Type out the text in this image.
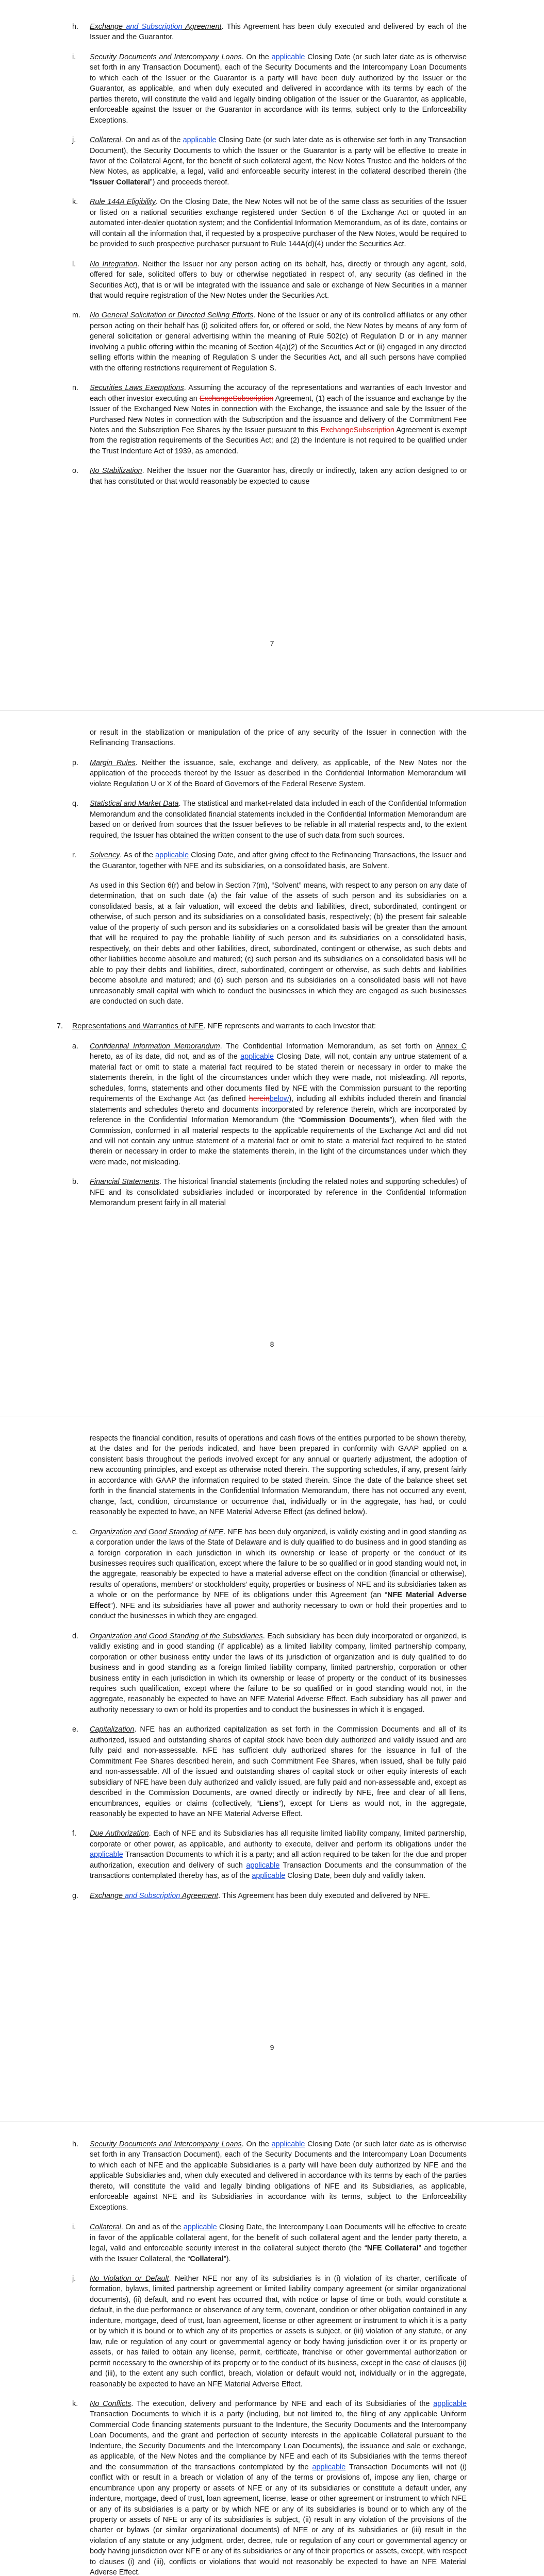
h. Exchange and Subscription Agreement. This Agreement has been duly executed and delivered by each of the Issuer and the Guarantor.
i. Security Documents and Intercompany Loans. On the applicable Closing Date (or such later date as is otherwise set forth in any Transaction Document), each of the Security Documents and the Intercompany Loan Documents to which each of the Issuer or the Guarantor is a party will have been duly authorized by the Issuer or the Guarantor, as applicable, and when duly executed and delivered in accordance with its terms by each of the parties thereto, will constitute the valid and legally binding obligation of the Issuer or the Guarantor, as applicable, enforceable against the Issuer or the Guarantor in accordance with its terms, subject only to the Enforceability Exceptions.
j. Collateral. On and as of the applicable Closing Date (or such later date as is otherwise set forth in any Transaction Document), the Security Documents to which the Issuer or the Guarantor is a party will be effective to create in favor of the Collateral Agent, for the benefit of such collateral agent, the New Notes Trustee and the holders of the New Notes, as applicable, a legal, valid and enforceable security interest in the collateral described therein (the “Issuer Collateral”) and proceeds thereof.
k. Rule 144A Eligibility. On the Closing Date, the New Notes will not be of the same class as securities of the Issuer or listed on a national securities exchange registered under Section 6 of the Exchange Act or quoted in an automated inter-dealer quotation system; and the Confidential Information Memorandum, as of its date, contains or will contain all the information that, if requested by a prospective purchaser of the New Notes, would be required to be provided to such prospective purchaser pursuant to Rule 144A(d)(4) under the Securities Act.
l. No Integration. Neither the Issuer nor any person acting on its behalf, has, directly or through any agent, sold, offered for sale, solicited offers to buy or otherwise negotiated in respect of, any security (as defined in the Securities Act), that is or will be integrated with the issuance and sale or exchange of New Securities in a manner that would require registration of the New Notes under the Securities Act.
m. No General Solicitation or Directed Selling Efforts. None of the Issuer or any of its controlled affiliates or any other person acting on their behalf has (i) solicited offers for, or offered or sold, the New Notes by means of any form of general solicitation or general advertising within the meaning of Rule 502(c) of Regulation D or in any manner involving a public offering within the meaning of Section 4(a)(2) of the Securities Act or (ii) engaged in any directed selling efforts within the meaning of Regulation S under the Securities Act, and all such persons have complied with the offering restrictions requirement of Regulation S.
n. Securities Laws Exemptions. Assuming the accuracy of the representations and warranties of each Investor and each other investor executing an ExchangeSubscription Agreement, (1) each of the issuance and exchange by the Issuer of the Exchanged New Notes in connection with the Exchange, the issuance and sale by the Issuer of the Purchased New Notes in connection with the Subscription and the issuance and delivery of the Commitment Fee Notes and the Subscription Fee Shares by the Issuer pursuant to this ExchangeSubscription Agreement is exempt from the registration requirements of the Securities Act; and (2) the Indenture is not required to be qualified under the Trust Indenture Act of 1939, as amended.
o. No Stabilization. Neither the Issuer nor the Guarantor has, directly or indirectly, taken any action designed to or that has constituted or that would reasonably be expected to cause
7
or result in the stabilization or manipulation of the price of any security of the Issuer in connection with the Refinancing Transactions.
p. Margin Rules. Neither the issuance, sale, exchange and delivery, as applicable, of the New Notes nor the application of the proceeds thereof by the Issuer as described in the Confidential Information Memorandum will violate Regulation U or X of the Board of Governors of the Federal Reserve System.
q. Statistical and Market Data. The statistical and market-related data included in each of the Confidential Information Memorandum and the consolidated financial statements included in the Confidential Information Memorandum are based on or derived from sources that the Issuer believes to be reliable in all material respects and, to the extent required, the Issuer has obtained the written consent to the use of such data from such sources.
r. Solvency. As of the applicable Closing Date, and after giving effect to the Refinancing Transactions, the Issuer and the Guarantor, together with NFE and its subsidiaries, on a consolidated basis, are Solvent.
As used in this Section 6(r) and below in Section 7(m), “Solvent” means, with respect to any person on any date of determination, that on such date (a) the fair value of the assets of such person and its subsidiaries on a consolidated basis, at a fair valuation, will exceed the debts and liabilities, direct, subordinated, contingent or otherwise, of such person and its subsidiaries on a consolidated basis, respectively; (b) the present fair saleable value of the property of such person and its subsidiaries on a consolidated basis will be greater than the amount that will be required to pay the probable liability of such person and its subsidiaries on a consolidated basis, respectively, on their debts and other liabilities, direct, subordinated, contingent or otherwise, as such debts and other liabilities become absolute and matured; (c) such person and its subsidiaries on a consolidated basis will be able to pay their debts and liabilities, direct, subordinated, contingent or otherwise, as such debts and liabilities become absolute and matured; and (d) such person and its subsidiaries on a consolidated basis will not have unreasonably small capital with which to conduct the businesses in which they are engaged as such businesses are conducted on such date.
7. Representations and Warranties of NFE. NFE represents and warrants to each Investor that:
a. Confidential Information Memorandum. The Confidential Information Memorandum, as set forth on Annex C hereto, as of its date, did not, and as of the applicable Closing Date, will not, contain any untrue statement of a material fact or omit to state a material fact required to be stated therein or necessary in order to make the statements therein, in the light of the circumstances under which they were made, not misleading. All reports, schedules, forms, statements and other documents filed by NFE with the Commission pursuant to the reporting requirements of the Exchange Act (as defined hereinbelow), including all exhibits included therein and financial statements and schedules thereto and documents incorporated by reference therein, which are incorporated by reference in the Confidential Information Memorandum (the “Commission Documents”), when filed with the Commission, conformed in all material respects to the applicable requirements of the Exchange Act and did not and will not contain any untrue statement of a material fact or omit to state a material fact required to be stated therein or necessary in order to make the statements therein, in the light of the circumstances under which they were made, not misleading.
b. Financial Statements. The historical financial statements (including the related notes and supporting schedules) of NFE and its consolidated subsidiaries included or incorporated by reference in the Confidential Information Memorandum present fairly in all material
8
respects the financial condition, results of operations and cash flows of the entities purported to be shown thereby, at the dates and for the periods indicated, and have been prepared in conformity with GAAP applied on a consistent basis throughout the periods involved except for any annual or quarterly adjustment, the adoption of new accounting principles, and except as otherwise noted therein. The supporting schedules, if any, present fairly in accordance with GAAP the information required to be stated therein. Since the date of the balance sheet set forth in the financial statements in the Confidential Information Memorandum, there has not occurred any event, change, fact, condition, circumstance or occurrence that, individually or in the aggregate, has had, or could reasonably be expected to have, an NFE Material Adverse Effect (as defined below).
c. Organization and Good Standing of NFE. NFE has been duly organized, is validly existing and in good standing as a corporation under the laws of the State of Delaware and is duly qualified to do business and in good standing as a foreign corporation in each jurisdiction in which its ownership or lease of property or the conduct of its businesses requires such qualification, except where the failure to be so qualified or in good standing would not, in the aggregate, reasonably be expected to have a material adverse effect on the condition (financial or otherwise), results of operations, members’ or stockholders’ equity, properties or business of NFE and its subsidiaries taken as a whole or on the performance by NFE of its obligations under this Agreement (an “NFE Material Adverse Effect”). NFE and its subsidiaries have all power and authority necessary to own or hold their properties and to conduct the businesses in which they are engaged.
d. Organization and Good Standing of the Subsidiaries. Each subsidiary has been duly incorporated or organized, is validly existing and in good standing (if applicable) as a limited liability company, limited partnership company, corporation or other business entity under the laws of its jurisdiction of organization and is duly qualified to do business and in good standing as a foreign limited liability company, limited partnership, corporation or other business entity in each jurisdiction in which its ownership or lease of property or the conduct of its businesses requires such qualification, except where the failure to be so qualified or in good standing would not, in the aggregate, reasonably be expected to have an NFE Material Adverse Effect. Each subsidiary has all power and authority necessary to own or hold its properties and to conduct the businesses in which it is engaged.
e. Capitalization. NFE has an authorized capitalization as set forth in the Commission Documents and all of its authorized, issued and outstanding shares of capital stock have been duly authorized and validly issued and are fully paid and non-assessable. NFE has sufficient duly authorized shares for the issuance in full of the Commitment Fee Shares described herein, and such Commitment Fee Shares, when issued, shall be fully paid and non-assessable. All of the issued and outstanding shares of capital stock or other equity interests of each subsidiary of NFE have been duly authorized and validly issued, are fully paid and non-assessable and, except as described in the Commission Documents, are owned directly or indirectly by NFE, free and clear of all liens, encumbrances, equities or claims (collectively, “Liens”), except for Liens as would not, in the aggregate, reasonably be expected to have an NFE Material Adverse Effect.
f. Due Authorization. Each of NFE and its Subsidiaries has all requisite limited liability company, limited partnership, corporate or other power, as applicable, and authority to execute, deliver and perform its obligations under the applicable Transaction Documents to which it is a party; and all action required to be taken for the due and proper authorization, execution and delivery of such applicable Transaction Documents and the consummation of the transactions contemplated thereby has, as of the applicable Closing Date, been duly and validly taken.
g. Exchange and Subscription Agreement. This Agreement has been duly executed and delivered by NFE.
9
h. Security Documents and Intercompany Loans. On the applicable Closing Date (or such later date as is otherwise set forth in any Transaction Document), each of the Security Documents and the Intercompany Loan Documents to which each of NFE and the applicable Subsidiaries is a party will have been duly authorized by NFE and the applicable Subsidiaries and, when duly executed and delivered in accordance with its terms by each of the parties thereto, will constitute the valid and legally binding obligations of NFE and its Subsidiaries, as applicable, enforceable against NFE and its Subsidiaries in accordance with its terms, subject to the Enforceability Exceptions.
i. Collateral. On and as of the applicable Closing Date, the Intercompany Loan Documents will be effective to create in favor of the applicable collateral agent, for the benefit of such collateral agent and the lender party thereto, a legal, valid and enforceable security interest in the collateral subject thereto (the “NFE Collateral” and together with the Issuer Collateral, the “Collateral”).
j. No Violation or Default. Neither NFE nor any of its subsidiaries is in (i) violation of its charter, certificate of formation, bylaws, limited partnership agreement or limited liability company agreement (or similar organizational documents), (ii) default, and no event has occurred that, with notice or lapse of time or both, would constitute a default, in the due performance or observance of any term, covenant, condition or other obligation contained in any indenture, mortgage, deed of trust, loan agreement, license or other agreement or instrument to which it is a party or by which it is bound or to which any of its properties or assets is subject, or (iii) violation of any statute, or any law, rule or regulation of any court or governmental agency or body having jurisdiction over it or its property or assets, or has failed to obtain any license, permit, certificate, franchise or other governmental authorization or permit necessary to the ownership of its property or to the conduct of its business, except in the case of clauses (ii) and (iii), to the extent any such conflict, breach, violation or default would not, individually or in the aggregate, reasonably be expected to have an NFE Material Adverse Effect.
k. No Conflicts. The execution, delivery and performance by NFE and each of its Subsidiaries of the applicable Transaction Documents to which it is a party (including, but not limited to, the filing of any applicable Uniform Commercial Code financing statements pursuant to the Indenture, the Security Documents and the Intercompany Loan Documents, and the grant and perfection of security interests in the applicable Collateral pursuant to the Indenture, the Security Documents and the Intercompany Loan Documents), the issuance and sale or exchange, as applicable, of the New Notes and the compliance by NFE and each of its Subsidiaries with the terms thereof and the consummation of the transactions contemplated by the applicable Transaction Documents will not (i) conflict with or result in a breach or violation of any of the terms or provisions of, impose any lien, charge or encumbrance upon any property or assets of NFE or any of its subsidiaries or constitute a default under, any indenture, mortgage, deed of trust, loan agreement, license, lease or other agreement or instrument to which NFE or any of its subsidiaries is a party or by which NFE or any of its subsidiaries is bound or to which any of the property or assets of NFE or any of its subsidiaries is subject, (ii) result in any violation of the provisions of the charter or bylaws (or similar organizational documents) of NFE or any of its subsidiaries or (iii) result in the violation of any statute or any judgment, order, decree, rule or regulation of any court or governmental agency or body having jurisdiction over NFE or any of its subsidiaries or any of their properties or assets, except, with respect to clauses (i) and (iii), conflicts or violations that would not reasonably be expected to have an NFE Material Adverse Effect.
